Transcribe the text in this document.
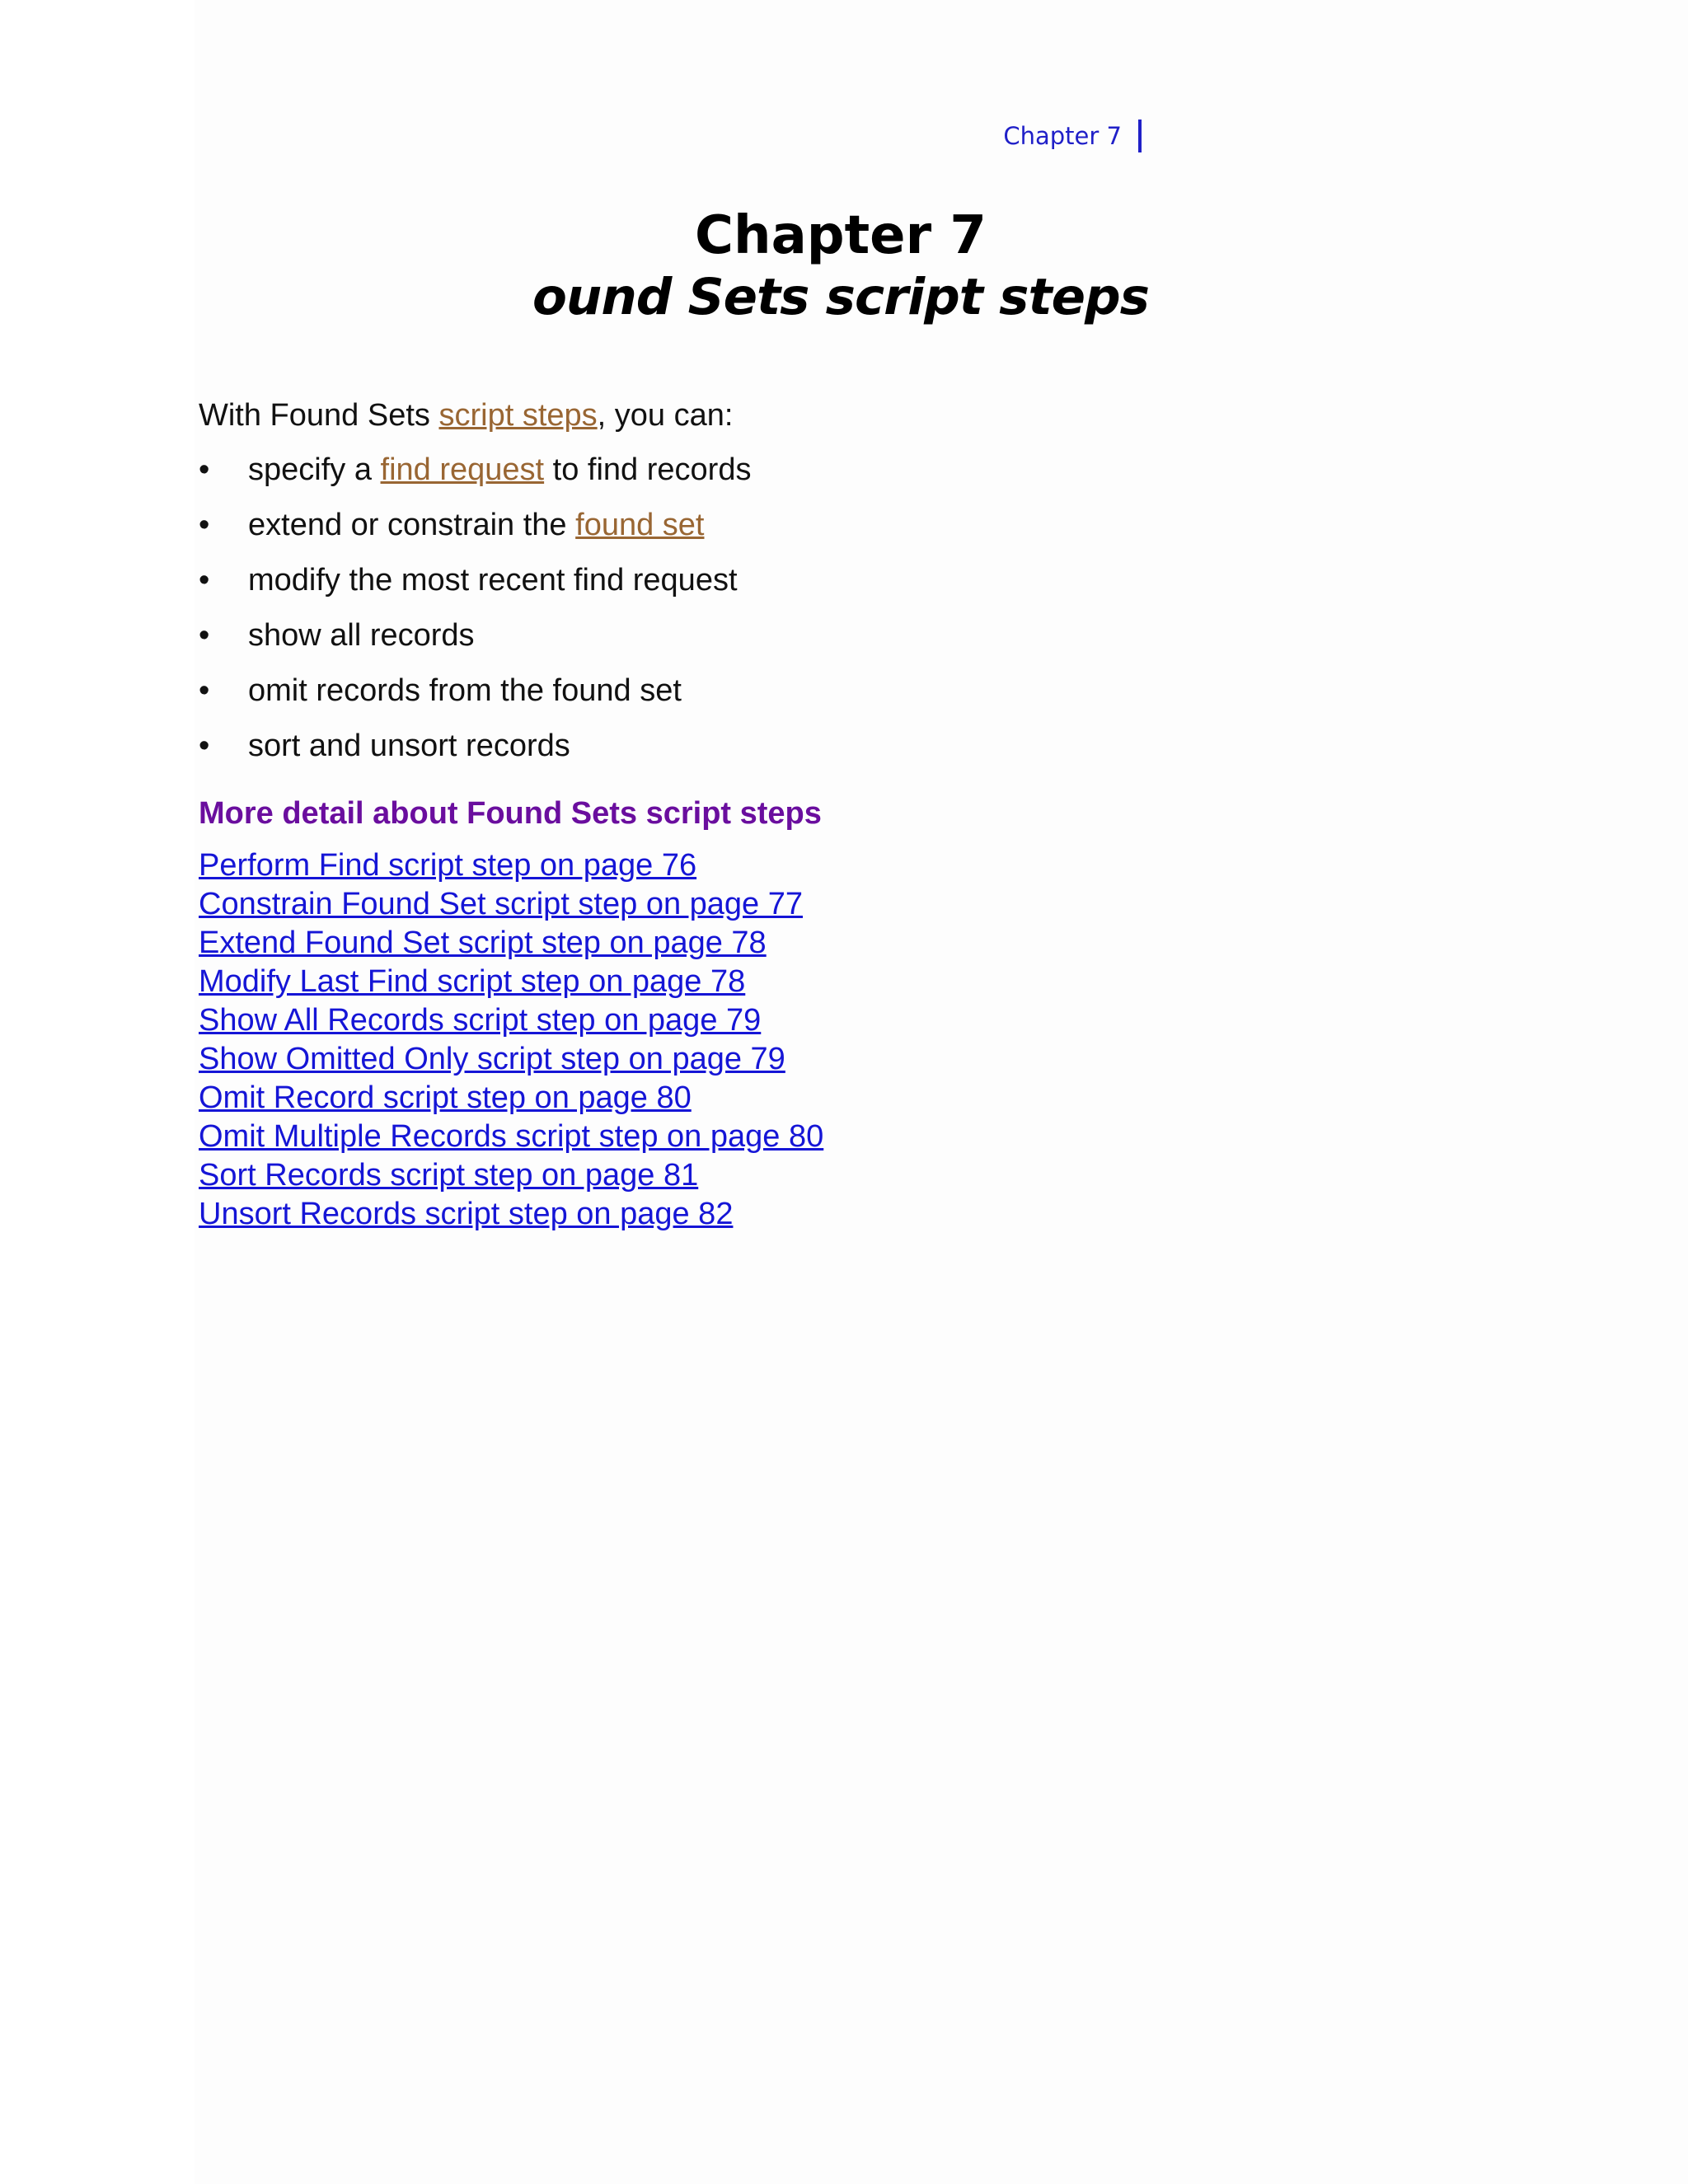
Chapter 7
Chapter 7
ound Sets script steps

With Found Sets script steps, you can:

•	specify a find request to find records
•	extend or constrain the found set
•	modify the most recent find request
•	show all records
•	omit records from the found set
•	sort and unsort records
More detail about Found Sets script steps
Perform Find script step on page 76
Constrain Found Set script step on page 77
Extend Found Set script step on page 78
Modify Last Find script step on page 78
Show All Records script step on page 79
Show Omitted Only script step on page 79
Omit Record script step on page 80
Omit Multiple Records script step on page 80
Sort Records script step on page 81
Unsort Records script step on page 82
